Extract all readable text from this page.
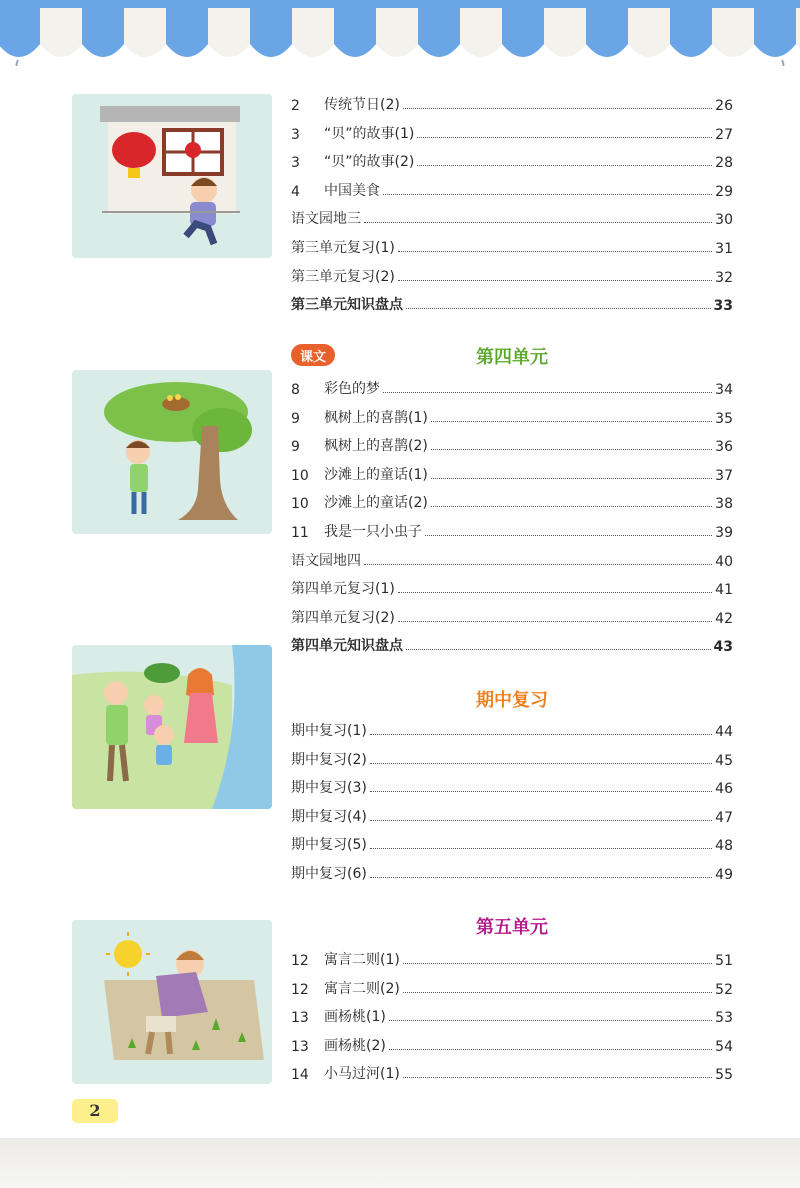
2	传统节日(2)	26
3	“贝”的故事(1)	27
3	“贝”的故事(2)	28
4	中国美食	29
语文园地三	30
第三单元复习(1)	31
第三单元复习(2)	32
第三单元知识盘点	33
课文	第四单元
8	彩色的梦	34
9	枫树上的喜鹊(1)	35
9	枫树上的喜鹊(2)	36
10	沙滩上的童话(1)	37
10	沙滩上的童话(2)	38
11	我是一只小虫子	39
语文园地四	40
第四单元复习(1)	41
第四单元复习(2)	42
第四单元知识盘点	43
期中复习
期中复习(1)	44
期中复习(2)	45
期中复习(3)	46
期中复习(4)	47
期中复习(5)	48
期中复习(6)	49
第五单元
12	寓言二则(1)	51
12	寓言二则(2)	52
13	画杨桃(1)	53
13	画杨桃(2)	54
14	小马过河(1)	55
2
